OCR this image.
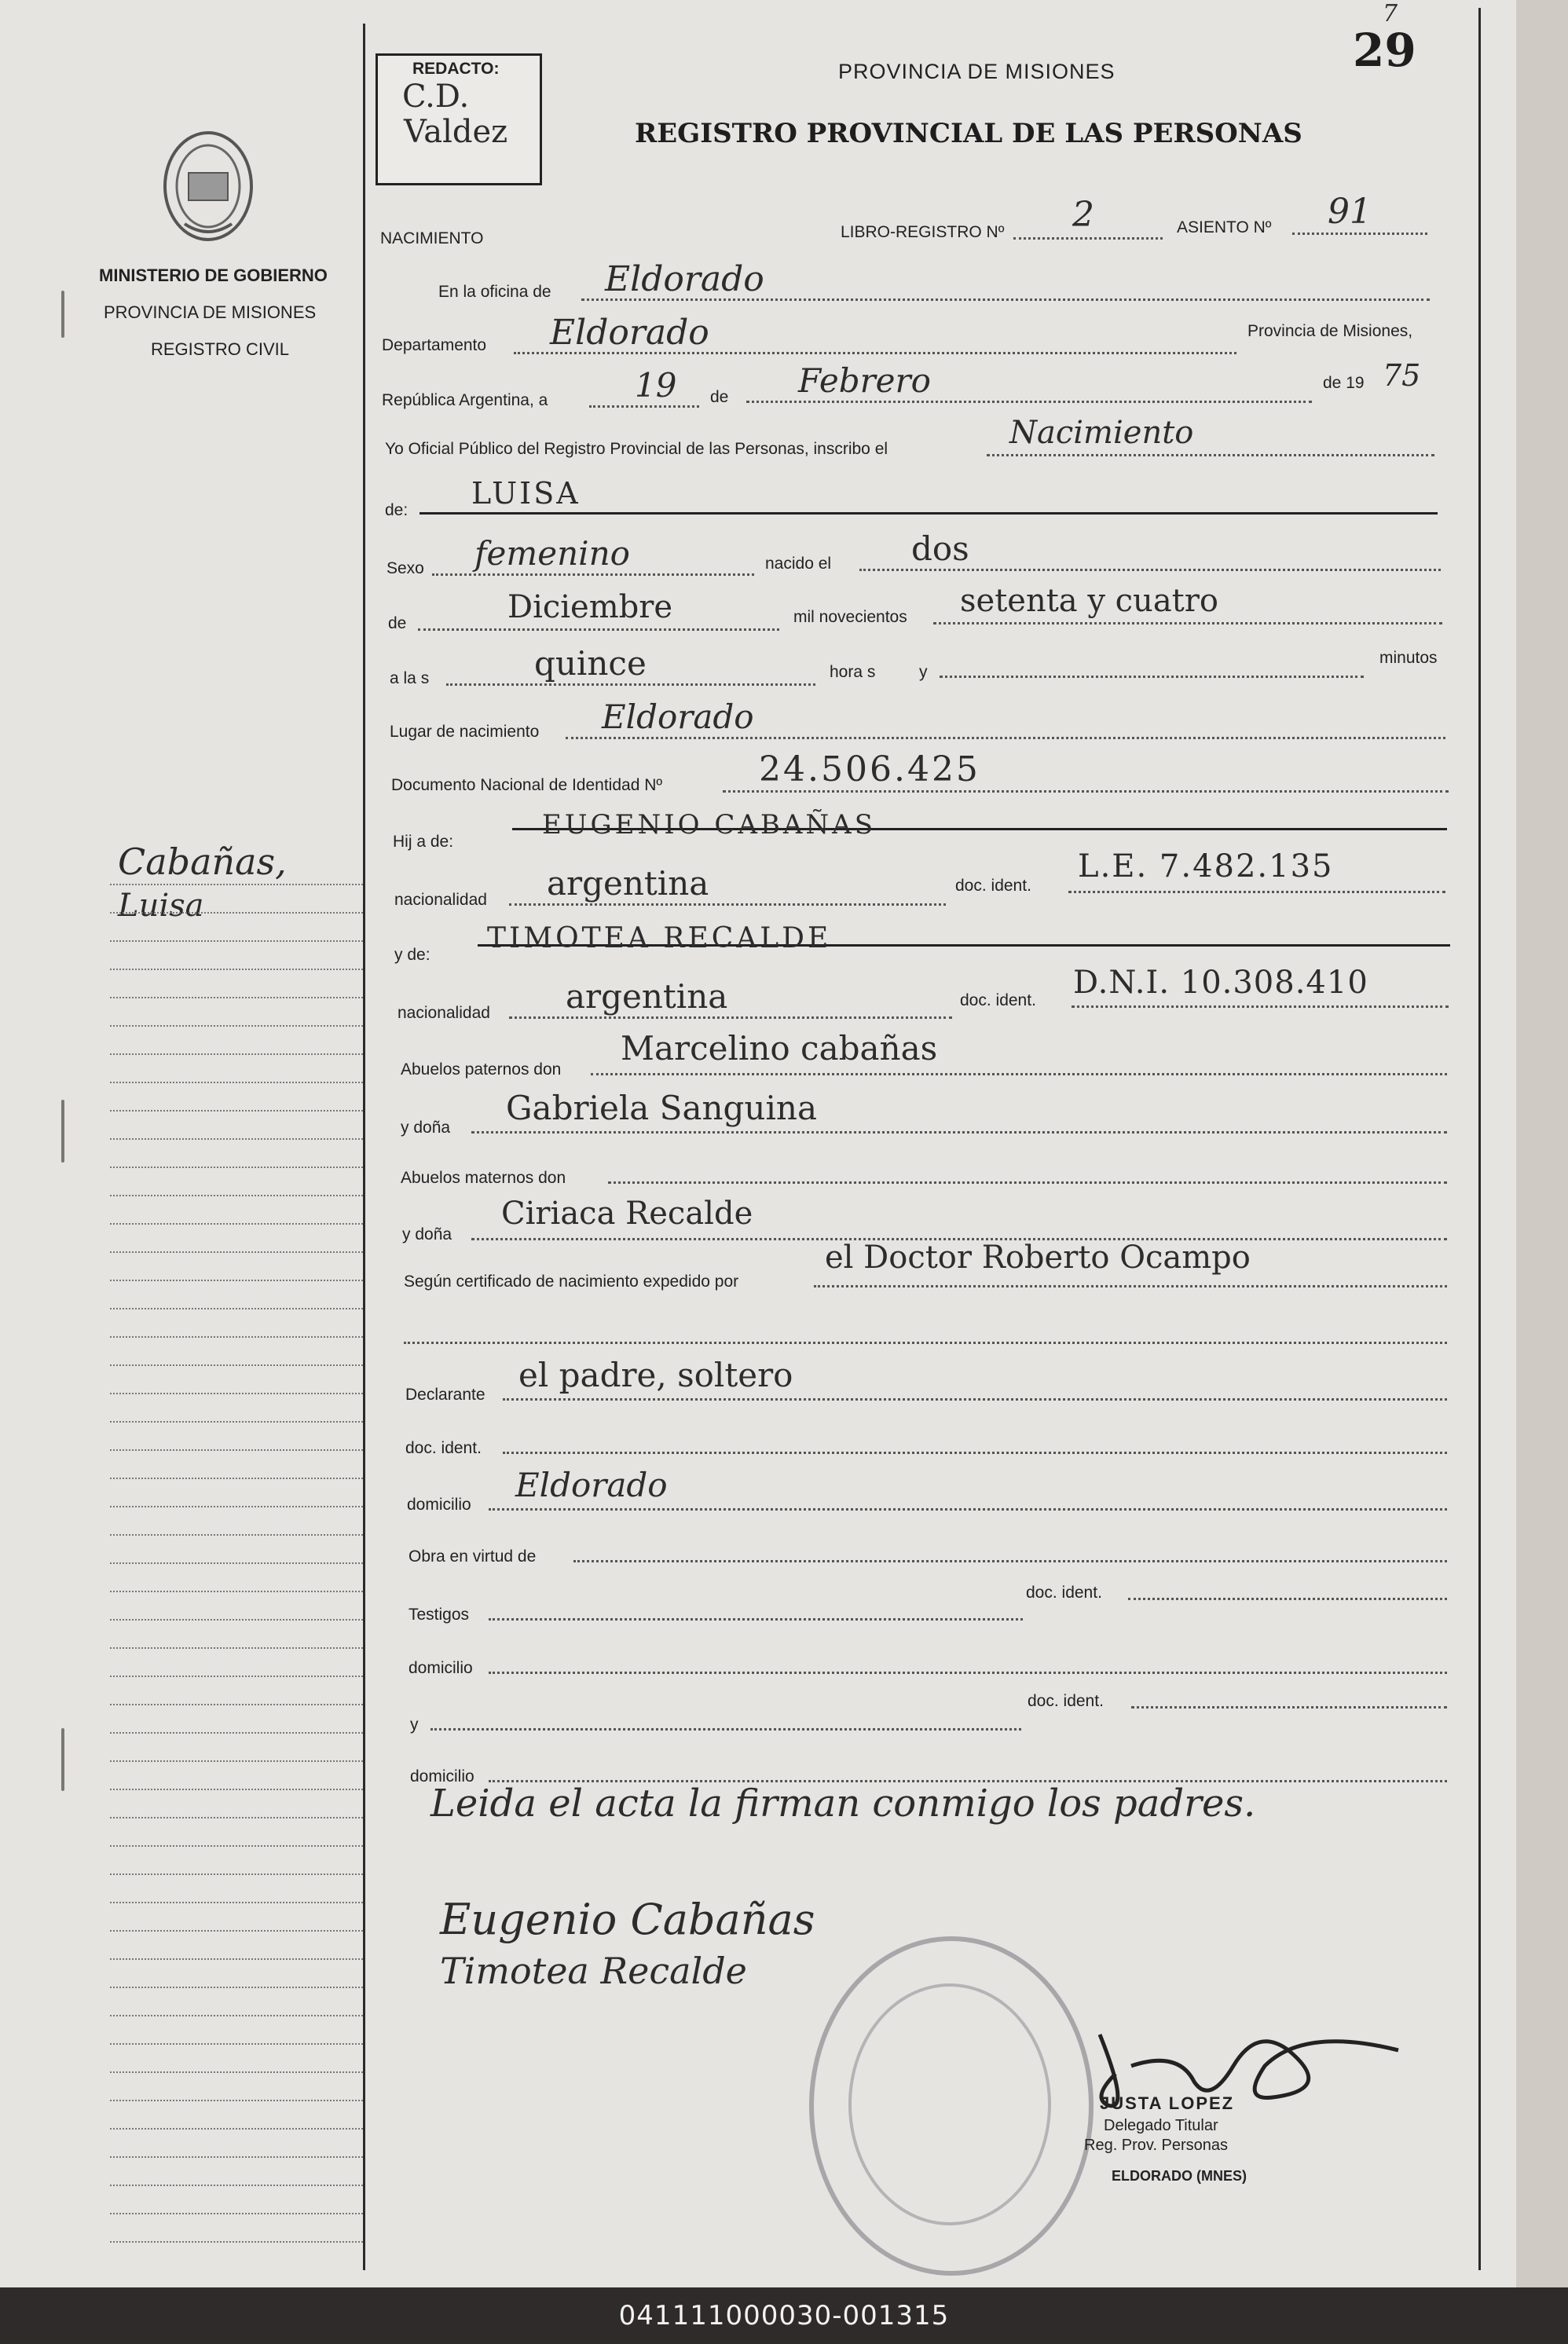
MINISTERIO DE GOBIERNO
PROVINCIA DE MISIONES
REGISTRO CIVIL
Cabañas,
Luisa
REDACTO:
C.D.
Valdez
PROVINCIA DE MISIONES
REGISTRO PROVINCIAL DE LAS PERSONAS
29
7
NACIMIENTO	LIBRO-REGISTRO Nº 2	ASIENTO Nº 91
En la oficina de Eldorado
Departamento Eldorado	Provincia de Misiones,
República Argentina, a	19 de Febrero	de 19 75
Yo Oficial Público del Registro Provincial de las Personas, inscribo el	Nacimiento
de: LUISA
Sexo femenino	nacido el dos
de	Diciembre	mil novecientos setenta y cuatro
a la s	quince	hora s	y
minutos
Lugar de nacimiento Eldorado
Documento Nacional de Identidad Nº	24.506.425
Hij a de:
EUGENIO CABAÑAS
nacionalidad argentina	doc. ident.
L.E. 7.482.135
y de:
TIMOTEA RECALDE
nacionalidad argentina	doc. ident. D.N.I. 10.308.410
Abuelos paternos don
Marcelino cabañas
y doña
Gabriela Sanguina
Abuelos maternos don
y doña
Ciriaca Recalde
Según certificado de nacimiento expedido por
el Doctor Roberto Ocampo
Declarante
el padre, soltero
doc. ident.
domicilio
Eldorado
Obra en virtud de
Testigos
doc. ident.
domicilio
y
doc. ident.
domicilio
Leida el acta la firman conmigo los padres.
Eugenio Cabañas
Timotea Recalde
JUSTA LOPEZ
Delegado Titular
Reg. Prov. Personas
ELDORADO (MNES)
041111000030-001315
